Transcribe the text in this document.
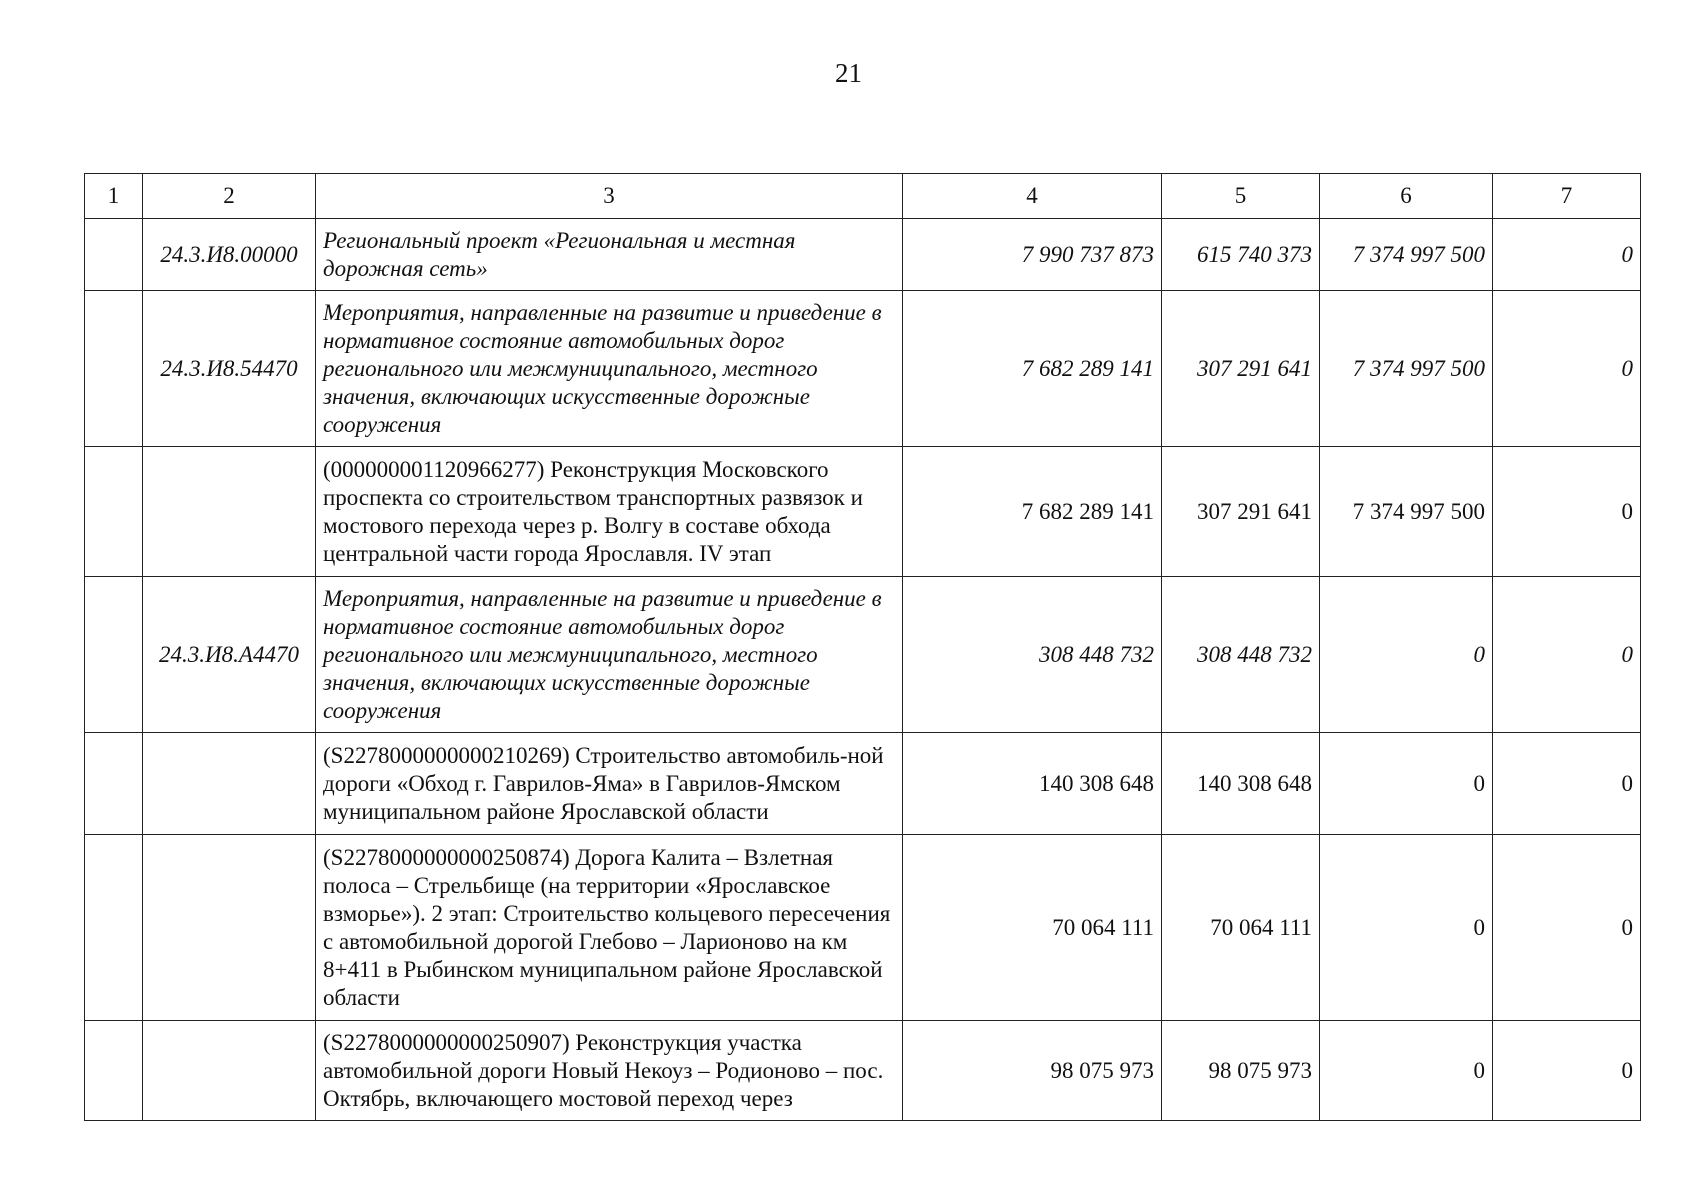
21
1	2	3	4	5	6	7
	24.3.И8.00000	Региональный проект «Региональная и местная дорожная сеть»	7 990 737 873	615 740 373	7 374 997 500	0
	24.3.И8.54470	Мероприятия, направленные на развитие и приведение в нормативное состояние автомобильных дорог регионального или межмуниципального, местного значения, включающих искусственные дорожные сооружения	7 682 289 141	307 291 641	7 374 997 500	0
		(000000001120966277) Реконструкция Московского проспекта со строительством транспортных развязок и мостового перехода через р. Волгу в составе обхода центральной части города Ярославля. IV этап	7 682 289 141	307 291 641	7 374 997 500	0
	24.3.И8.А4470	Мероприятия, направленные на развитие и приведение в нормативное состояние автомобильных дорог регионального или межмуниципального, местного значения, включающих искусственные дорожные сооружения	308 448 732	308 448 732	0	0
		(S2278000000000210269) Строительство автомобиль-ной дороги «Обход г. Гаврилов-Яма» в Гаврилов-Ямском муниципальном районе Ярославской области	140 308 648	140 308 648	0	0
		(S2278000000000250874) Дорога Калита – Взлетная полоса – Стрельбище (на территории «Ярославское взморье»). 2 этап: Строительство кольцевого пересечения с автомобильной дорогой Глебово – Ларионово на км 8+411 в Рыбинском муниципальном районе Ярославской области	70 064 111	70 064 111	0	0
		(S2278000000000250907) Реконструкция участка автомобильной дороги Новый Некоуз – Родионово – пос. Октябрь, включающего мостовой переход через	98 075 973	98 075 973	0	0
